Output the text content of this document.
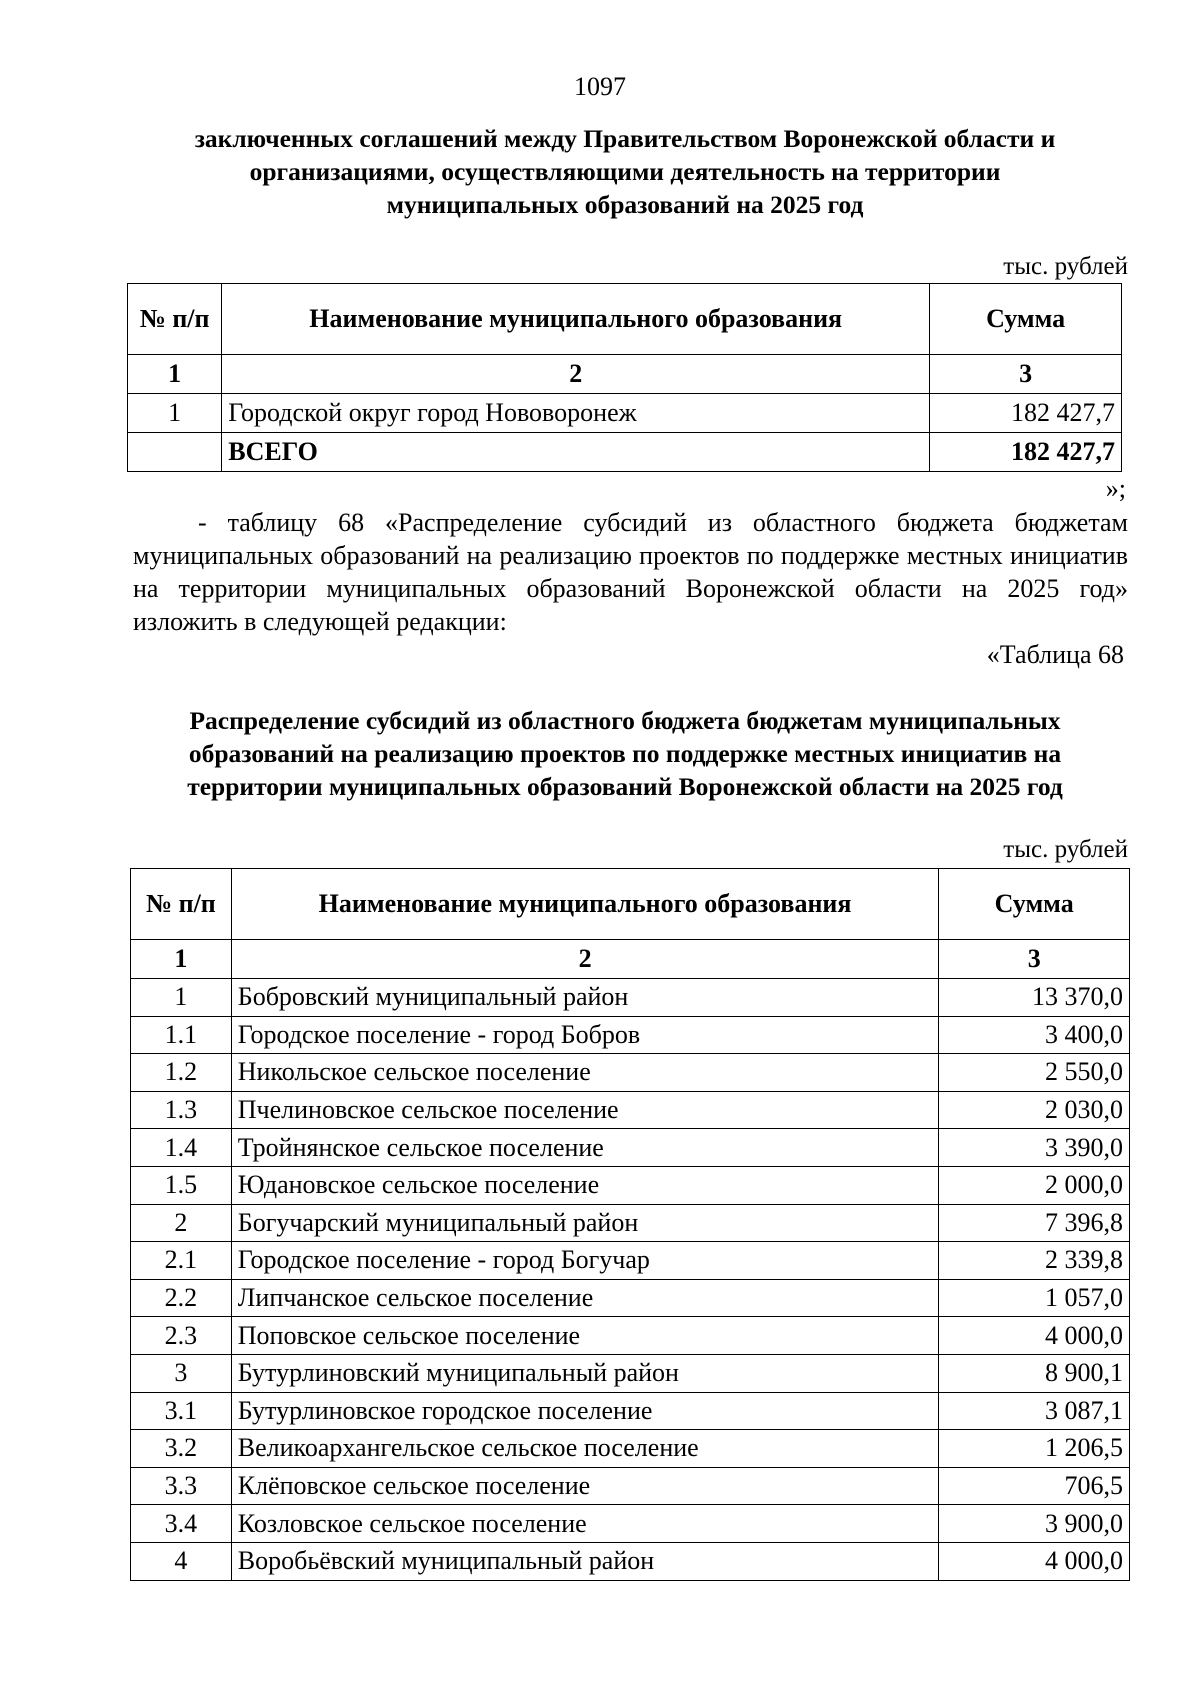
1097

заключенных соглашений между Правительством Воронежской области и

организациями, осуществляющими деятельность на территории

муниципальных образований на 2025 год

тыс. рублей
№ п/п	Наименование муниципального образования	Сумма
1	2	3
1	Городской округ город Нововоронеж	182 427,7
	ВСЕГО	182 427,7
»;

- таблицу 68 «Распределение субсидий из областного бюджета бюджетам муниципальных образований на реализацию проектов по поддержке местных инициатив на территории муниципальных образований Воронежской области на 2025 год» изложить в следующей редакции:

«Таблица 68

Распределение субсидий из областного бюджета бюджетам муниципальных

образований на реализацию проектов по поддержке местных инициатив на

территории муниципальных образований Воронежской области на 2025 год

тыс. рублей
№ п/п	Наименование муниципального образования	Сумма
1	2	3
1	Бобровский муниципальный район	13 370,0
1.1	Городское поселение - город Бобров	3 400,0
1.2	Никольское сельское поселение	2 550,0
1.3	Пчелиновское сельское поселение	2 030,0
1.4	Тройнянское сельское поселение	3 390,0
1.5	Юдановское сельское поселение	2 000,0
2	Богучарский муниципальный район	7 396,8
2.1	Городское поселение - город Богучар	2 339,8
2.2	Липчанское сельское поселение	1 057,0
2.3	Поповское сельское поселение	4 000,0
3	Бутурлиновский муниципальный район	8 900,1
3.1	Бутурлиновское городское поселение	3 087,1
3.2	Великоархангельское сельское поселение	1 206,5
3.3	Клёповское сельское поселение	706,5
3.4	Козловское сельское поселение	3 900,0
4	Воробьёвский муниципальный район	4 000,0
